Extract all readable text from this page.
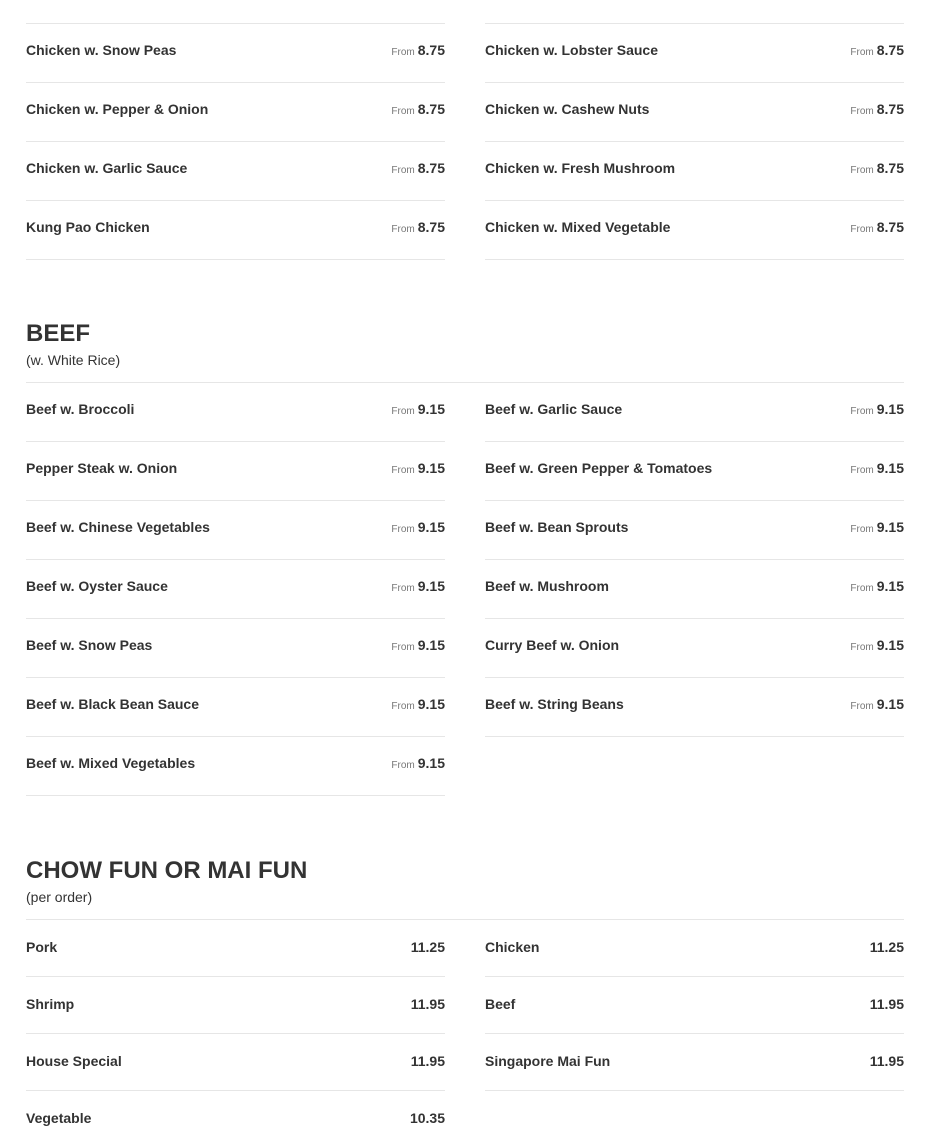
Chicken w. Snow Peas	From 8.75
Chicken w. Pepper & Onion	From 8.75
Chicken w. Garlic Sauce	From 8.75
Kung Pao Chicken	From 8.75
Chicken w. Lobster Sauce	From 8.75
Chicken w. Cashew Nuts	From 8.75
Chicken w. Fresh Mushroom	From 8.75
Chicken w. Mixed Vegetable	From 8.75
BEEF
(w. White Rice)
Beef w. Broccoli	From 9.15
Pepper Steak w. Onion	From 9.15
Beef w. Chinese Vegetables	From 9.15
Beef w. Oyster Sauce	From 9.15
Beef w. Snow Peas	From 9.15
Beef w. Black Bean Sauce	From 9.15
Beef w. Mixed Vegetables	From 9.15
Beef w. Garlic Sauce	From 9.15
Beef w. Green Pepper & Tomatoes	From 9.15
Beef w. Bean Sprouts	From 9.15
Beef w. Mushroom	From 9.15
Curry Beef w. Onion	From 9.15
Beef w. String Beans	From 9.15
CHOW FUN OR MAI FUN
(per order)
Pork	11.25
Shrimp	11.95
House Special	11.95
Vegetable	10.35
Chicken	11.25
Beef	11.95
Singapore Mai Fun	11.95
